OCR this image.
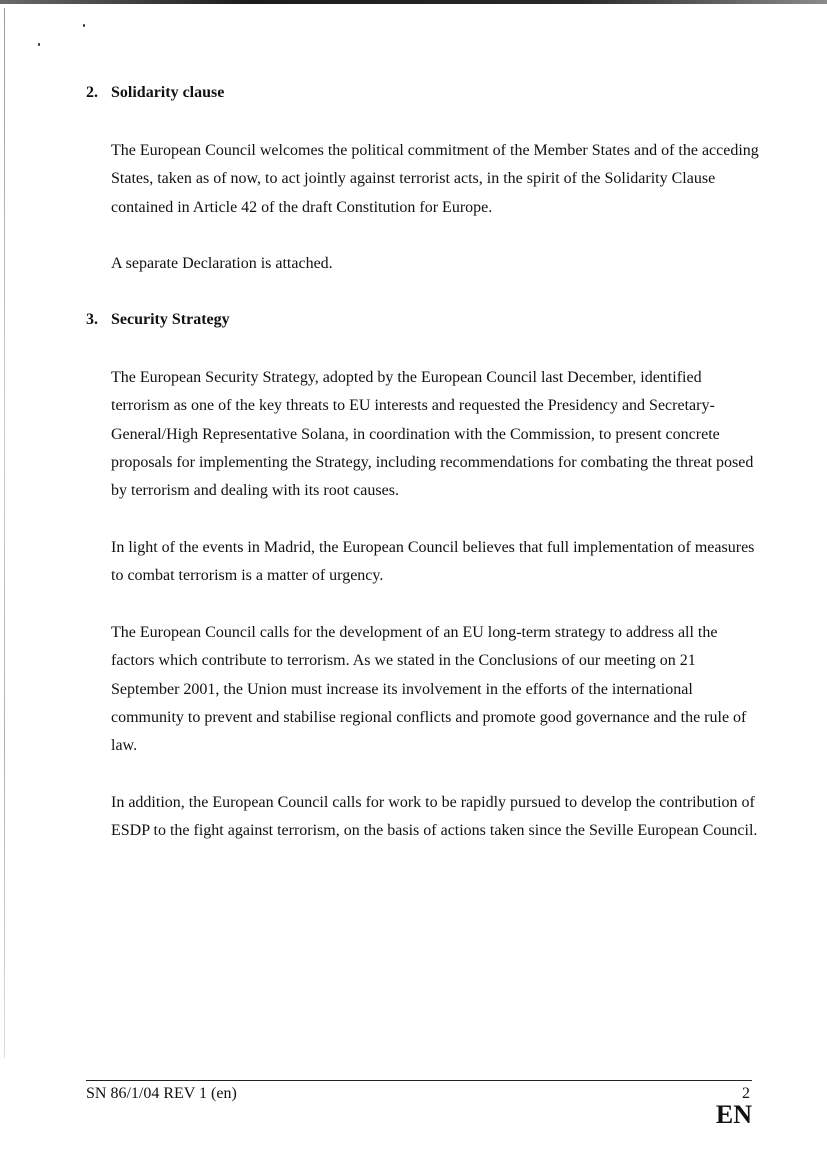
2. Solidarity clause

The European Council welcomes the political commitment of the Member States and of the acceding States, taken as of now, to act jointly against terrorist acts, in the spirit of the Solidarity Clause contained in Article 42 of the draft Constitution for Europe.

A separate Declaration is attached.

3. Security Strategy

The European Security Strategy, adopted by the European Council last December, identified terrorism as one of the key threats to EU interests and requested the Presidency and Secretary-General/High Representative Solana, in coordination with the Commission, to present concrete proposals for implementing the Strategy, including recommendations for combating the threat posed by terrorism and dealing with its root causes.

In light of the events in Madrid, the European Council believes that full implementation of measures to combat terrorism is a matter of urgency.

The European Council calls for the development of an EU long-term strategy to address all the factors which contribute to terrorism. As we stated in the Conclusions of our meeting on 21 September 2001, the Union must increase its involvement in the efforts of the international community to prevent and stabilise regional conflicts and promote good governance and the rule of law.

In addition, the European Council calls for work to be rapidly pursued to develop the contribution of ESDP to the fight against terrorism, on the basis of actions taken since the Seville European Council.

SN 86/1/04 REV 1 (en)	2
EN
